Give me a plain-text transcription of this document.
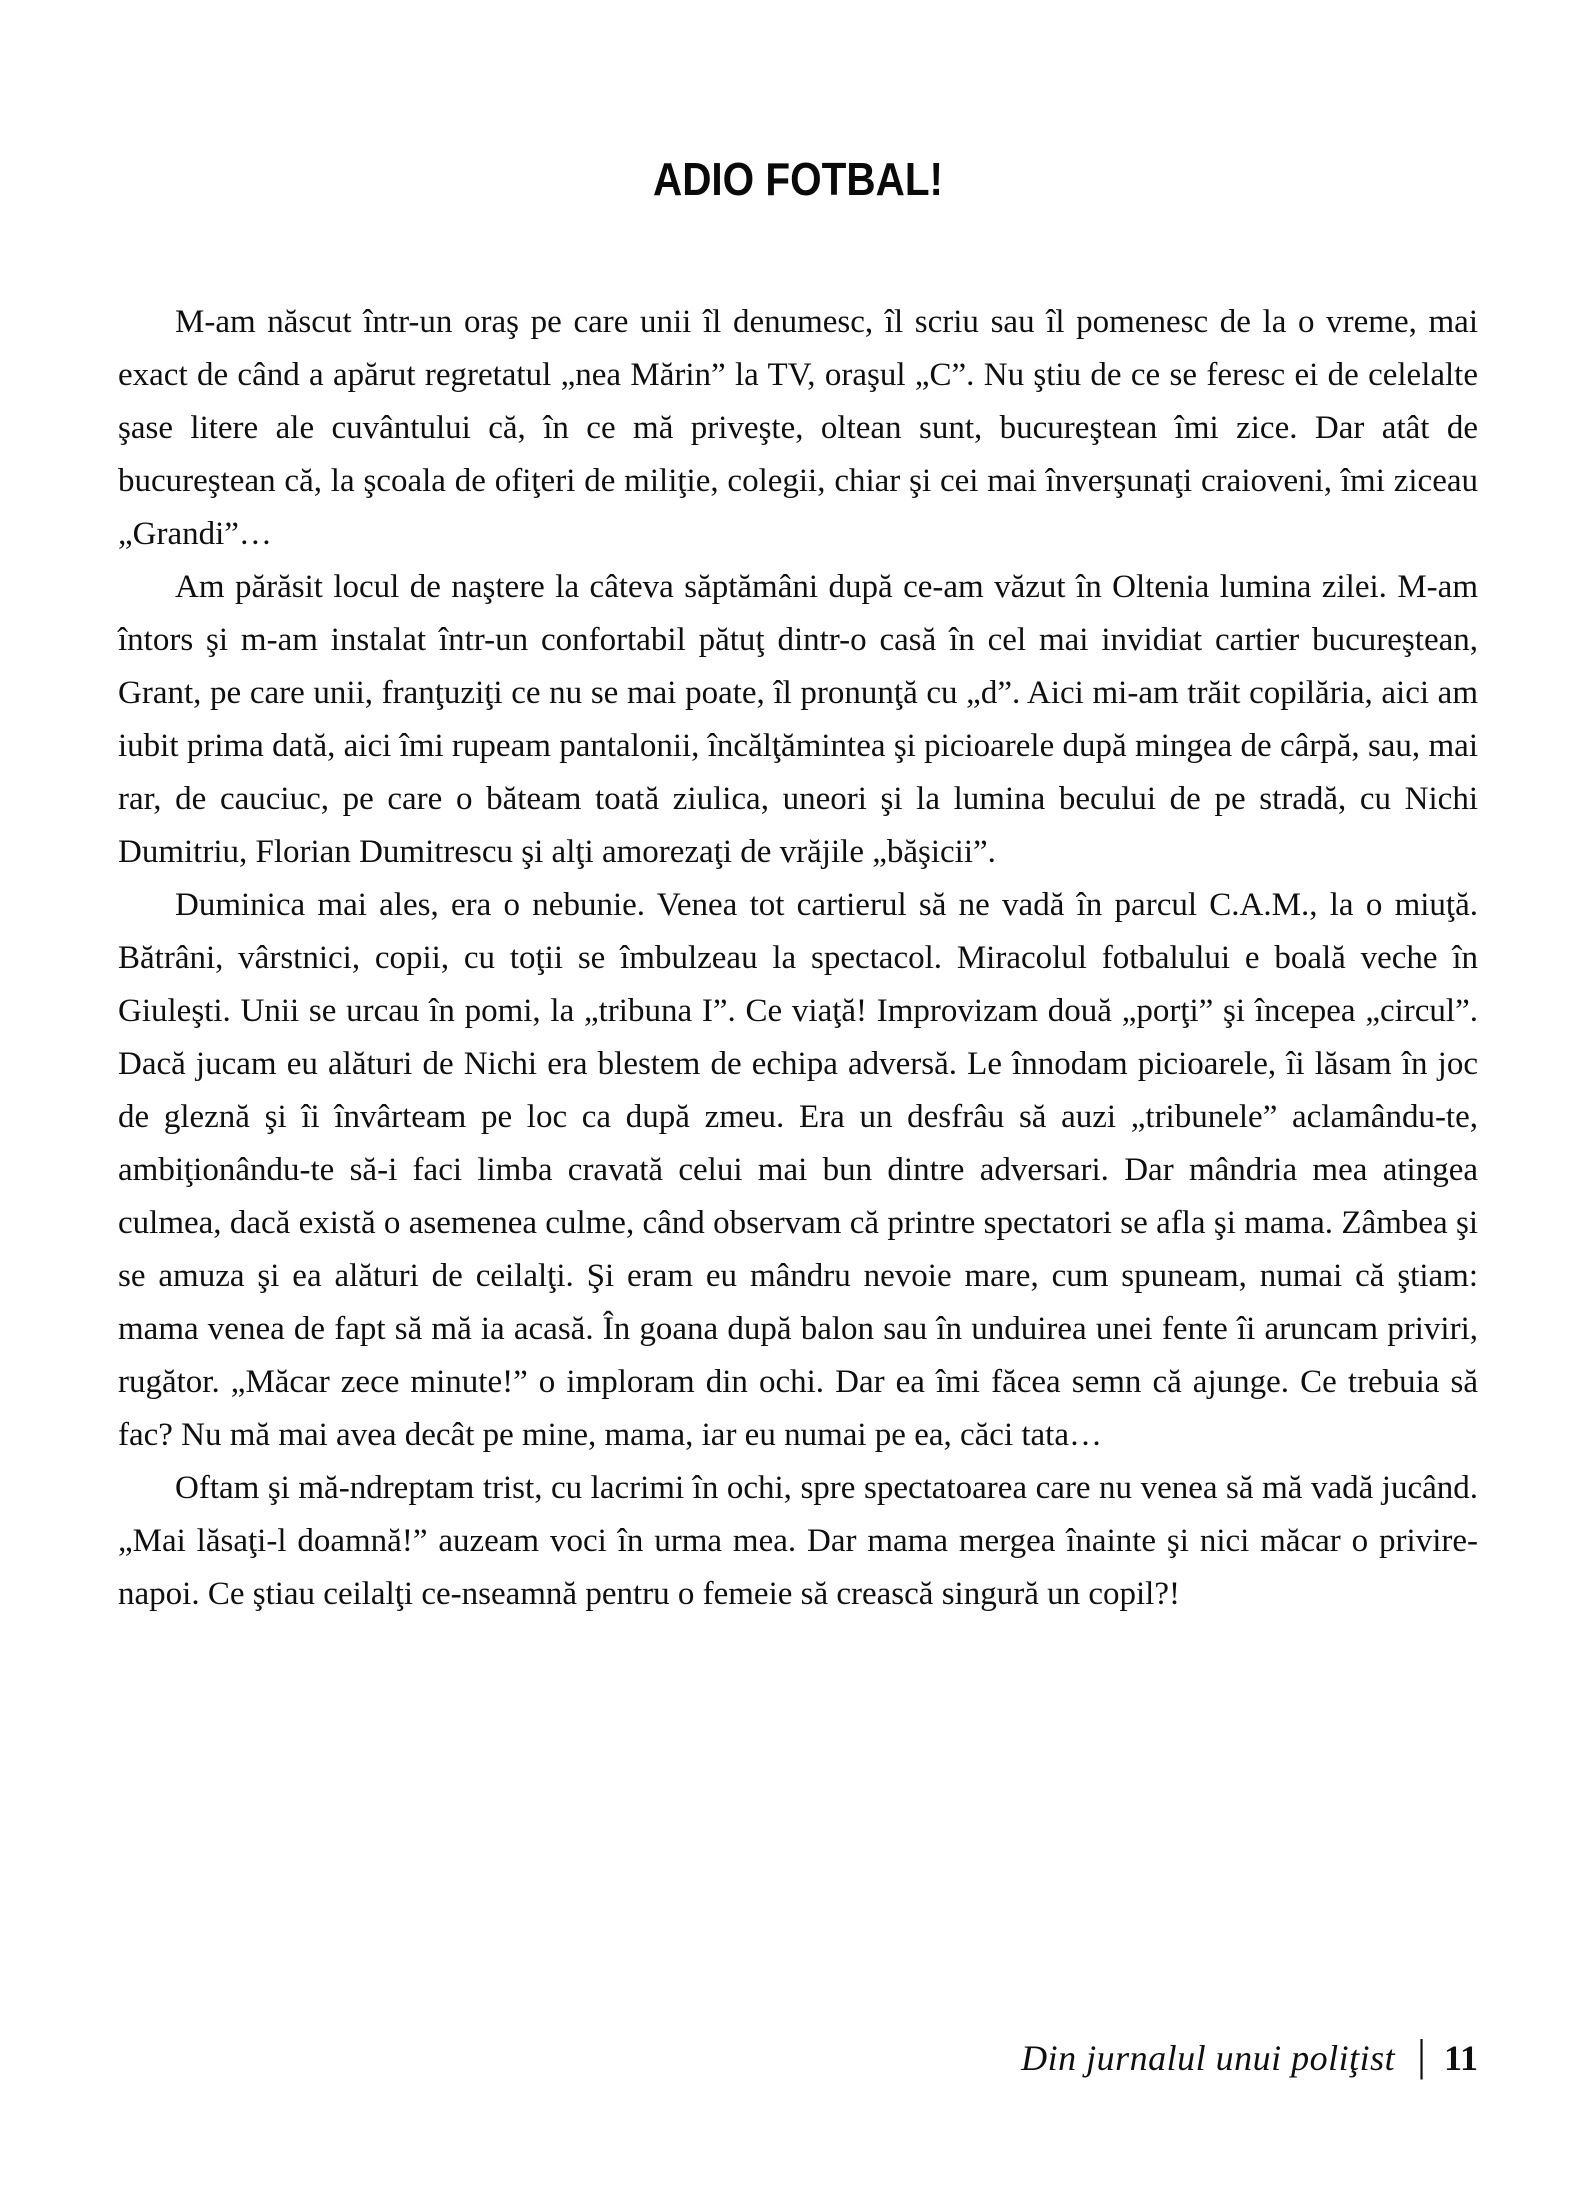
ADIO FOTBAL!

M-am născut într-un oraş pe care unii îl denumesc, îl scriu sau îl pomenesc de la o vreme, mai exact de când a apărut regretatul „nea Mărin” la TV, oraşul „C”. Nu ştiu de ce se feresc ei de celelalte şase litere ale cuvântului că, în ce mă priveşte, oltean sunt, bucureştean îmi zice. Dar atât de bucureştean că, la şcoala de ofiţeri de miliţie, colegii, chiar şi cei mai înverşunaţi craioveni, îmi ziceau „Grandi”…

Am părăsit locul de naştere la câteva săptămâni după ce-am văzut în Oltenia lumina zilei. M-am întors şi m-am instalat într-un confortabil pătuţ dintr-o casă în cel mai invidiat cartier bucureştean, Grant, pe care unii, franţuziţi ce nu se mai poate, îl pronunţă cu „d”. Aici mi-am trăit copilăria, aici am iubit prima dată, aici îmi rupeam pantalonii, încălţămintea şi picioarele după mingea de cârpă, sau, mai rar, de cauciuc, pe care o băteam toată ziulica, uneori şi la lumina becului de pe stradă, cu Nichi Dumitriu, Florian Dumitrescu şi alţi amorezaţi de vrăjile „băşicii”.

Duminica mai ales, era o nebunie. Venea tot cartierul să ne vadă în parcul C.A.M., la o miuţă. Bătrâni, vârstnici, copii, cu toţii se îmbulzeau la spectacol. Miracolul fotbalului e boală veche în Giuleşti. Unii se urcau în pomi, la „tribuna I”. Ce viaţă! Improvizam două „porţi” şi începea „circul”. Dacă jucam eu alături de Nichi era blestem de echipa adversă. Le înnodam picioarele, îi lăsam în joc de gleznă şi îi învârteam pe loc ca după zmeu. Era un desfrâu să auzi „tribunele” aclamându-te, ambiţionându-te să-i faci limba cravată celui mai bun dintre adversari. Dar mândria mea atingea culmea, dacă există o asemenea culme, când observam că printre spectatori se afla şi mama. Zâmbea şi se amuza şi ea alături de ceilalţi. Şi eram eu mândru nevoie mare, cum spuneam, numai că ştiam: mama venea de fapt să mă ia acasă. În goana după balon sau în unduirea unei fente îi aruncam priviri, rugător. „Măcar zece minute!” o imploram din ochi. Dar ea îmi făcea semn că ajunge. Ce trebuia să fac? Nu mă mai avea decât pe mine, mama, iar eu numai pe ea, căci tata…

Oftam şi mă-ndreptam trist, cu lacrimi în ochi, spre spectatoarea care nu venea să mă vadă jucând. „Mai lăsaţi-l doamnă!” auzeam voci în urma mea. Dar mama mergea înainte şi nici măcar o privire-napoi. Ce ştiau ceilalţi ce-nseamnă pentru o femeie să crească singură un copil?!

Din jurnalul unui poliţist | 11
